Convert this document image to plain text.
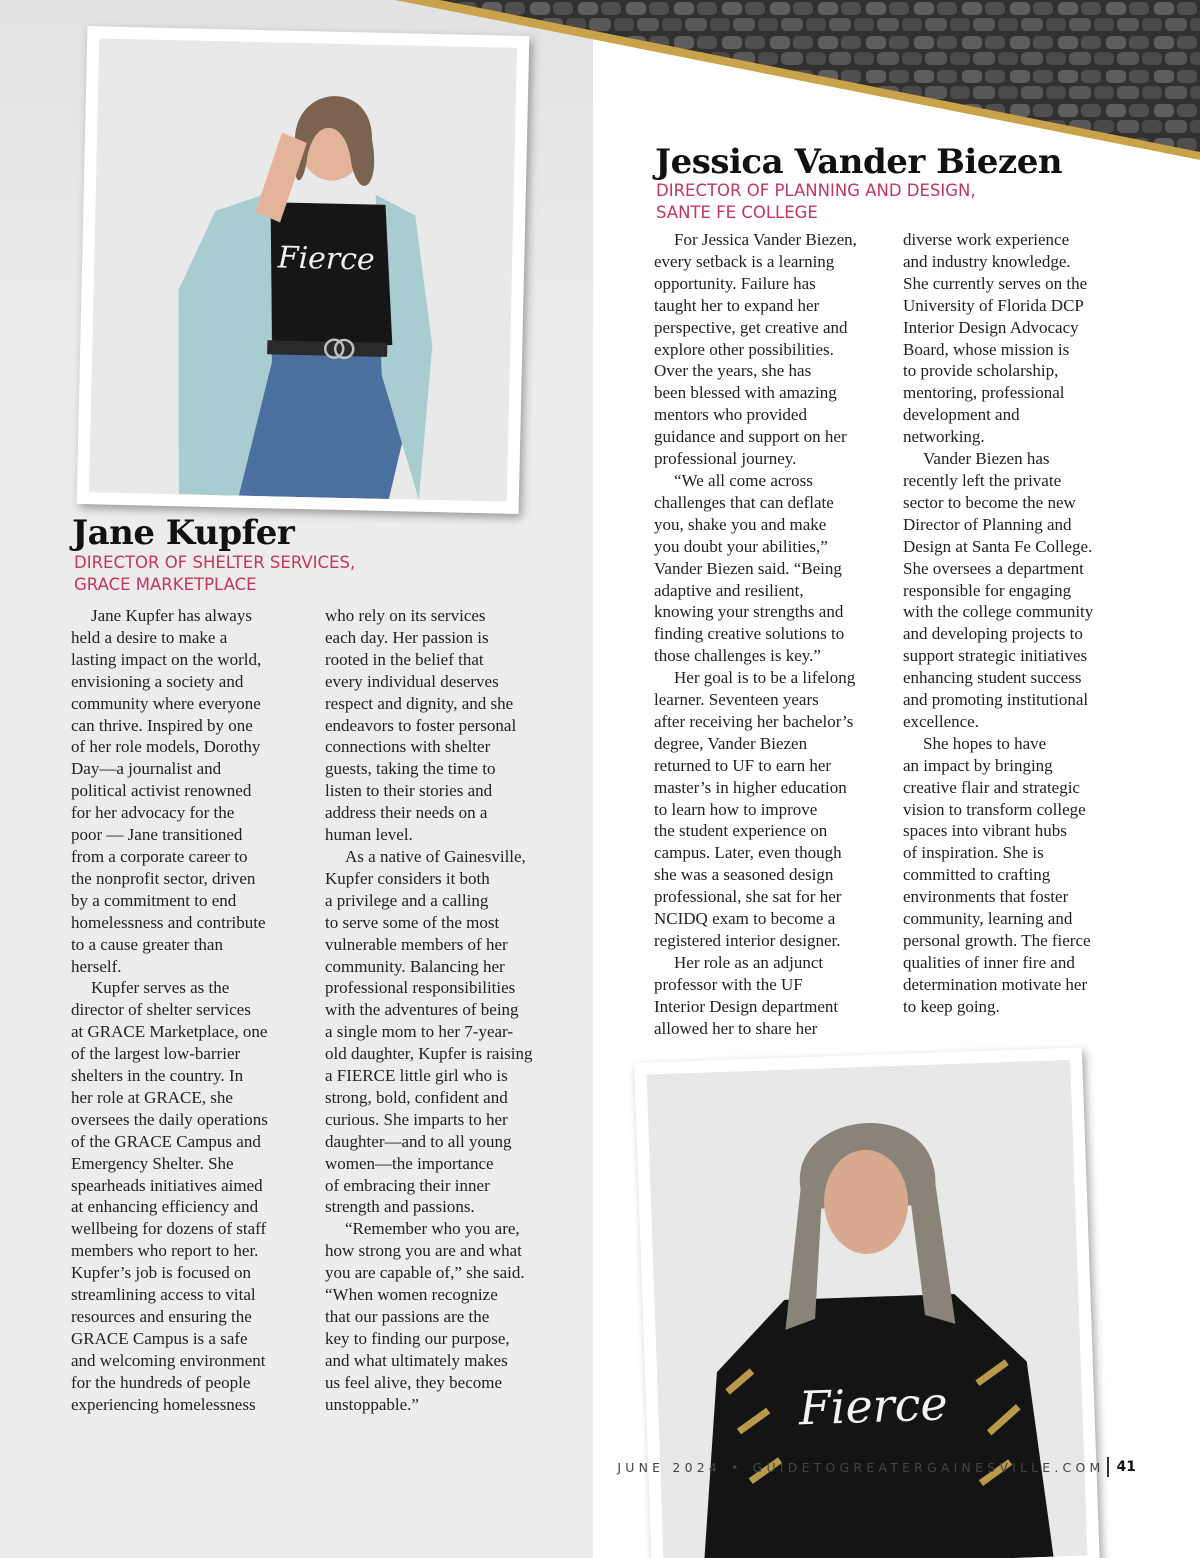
Fierce
Jane Kupfer
DIRECTOR OF SHELTER SERVICES,
GRACE MARKETPLACE
Jane Kupfer has always
held a desire to make a
lasting impact on the world,
envisioning a society and
community where everyone
can thrive. Inspired by one
of her role models, Dorothy
Day—a journalist and
political activist renowned
for her advocacy for the
poor — Jane transitioned
from a corporate career to
the nonprofit sector, driven
by a commitment to end
homelessness and contribute
to a cause greater than
herself.
Kupfer serves as the
director of shelter services
at GRACE Marketplace, one
of the largest low-barrier
shelters in the country. In
her role at GRACE, she
oversees the daily operations
of the GRACE Campus and
Emergency Shelter. She
spearheads initiatives aimed
at enhancing efficiency and
wellbeing for dozens of staff
members who report to her.
Kupfer’s job is focused on
streamlining access to vital
resources and ensuring the
GRACE Campus is a safe
and welcoming environment
for the hundreds of people
experiencing homelessness
who rely on its services
each day. Her passion is
rooted in the belief that
every individual deserves
respect and dignity, and she
endeavors to foster personal
connections with shelter
guests, taking the time to
listen to their stories and
address their needs on a
human level.
As a native of Gainesville,
Kupfer considers it both
a privilege and a calling
to serve some of the most
vulnerable members of her
community. Balancing her
professional responsibilities
with the adventures of being
a single mom to her 7-year-
old daughter, Kupfer is raising
a FIERCE little girl who is
strong, bold, confident and
curious. She imparts to her
daughter—and to all young
women—the importance
of embracing their inner
strength and passions.
“Remember who you are,
how strong you are and what
you are capable of,” she said.
“When women recognize
that our passions are the
key to finding our purpose,
and what ultimately makes
us feel alive, they become
unstoppable.”
Jessica Vander Biezen
DIRECTOR OF PLANNING AND DESIGN,
SANTE FE COLLEGE
For Jessica Vander Biezen,
every setback is a learning
opportunity. Failure has
taught her to expand her
perspective, get creative and
explore other possibilities.
Over the years, she has
been blessed with amazing
mentors who provided
guidance and support on her
professional journey.
“We all come across
challenges that can deflate
you, shake you and make
you doubt your abilities,”
Vander Biezen said. “Being
adaptive and resilient,
knowing your strengths and
finding creative solutions to
those challenges is key.”
Her goal is to be a lifelong
learner. Seventeen years
after receiving her bachelor’s
degree, Vander Biezen
returned to UF to earn her
master’s in higher education
to learn how to improve
the student experience on
campus. Later, even though
she was a seasoned design
professional, she sat for her
NCIDQ exam to become a
registered interior designer.
Her role as an adjunct
professor with the UF
Interior Design department
allowed her to share her
diverse work experience
and industry knowledge.
She currently serves on the
University of Florida DCP
Interior Design Advocacy
Board, whose mission is
to provide scholarship,
mentoring, professional
development and
networking.
Vander Biezen has
recently left the private
sector to become the new
Director of Planning and
Design at Santa Fe College.
She oversees a department
responsible for engaging
with the college community
and developing projects to
support strategic initiatives
enhancing student success
and promoting institutional
excellence.
She hopes to have
an impact by bringing
creative flair and strategic
vision to transform college
spaces into vibrant hubs
of inspiration. She is
committed to crafting
environments that foster
community, learning and
personal growth. The fierce
qualities of inner fire and
determination motivate her
to keep going.
Fierce
JUNE 2024 • GUIDETOGREATERGAINESVILLE.COM 41
